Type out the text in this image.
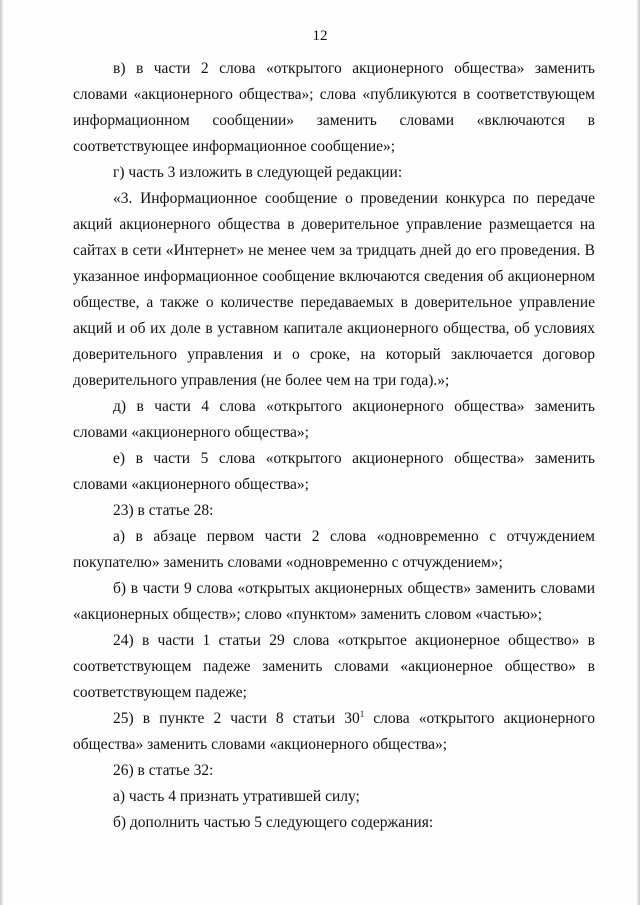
12

в) в части 2 слова «открытого акционерного общества» заменить словами «акционерного общества»; слова «публикуются в соответствующем информационном сообщении» заменить словами «включаются в соответствующее информационное сообщение»;

г) часть 3 изложить в следующей редакции:

«3. Информационное сообщение о проведении конкурса по передаче акций акционерного общества в доверительное управление размещается на сайтах в сети «Интернет» не менее чем за тридцать дней до его проведения. В указанное информационное сообщение включаются сведения об акционерном обществе, а также о количестве передаваемых в доверительное управление акций и об их доле в уставном капитале акционерного общества, об условиях доверительного управления и о сроке, на который заключается договор доверительного управления (не более чем на три года).»;

д) в части 4 слова «открытого акционерного общества» заменить словами «акционерного общества»;

е) в части 5 слова «открытого акционерного общества» заменить словами «акционерного общества»;

23) в статье 28:

а) в абзаце первом части 2 слова «одновременно с отчуждением покупателю» заменить словами «одновременно с отчуждением»;

б) в части 9 слова «открытых акционерных обществ» заменить словами «акционерных обществ»; слово «пунктом» заменить словом «частью»;

24) в части 1 статьи 29 слова «открытое акционерное общество» в соответствующем падеже заменить словами «акционерное общество» в соответствующем падеже;

25) в пункте 2 части 8 статьи $30^1$ слова «открытого акционерного общества» заменить словами «акционерного общества»;

26) в статье 32:

а) часть 4 признать утратившей силу;

б) дополнить частью 5 следующего содержания:
